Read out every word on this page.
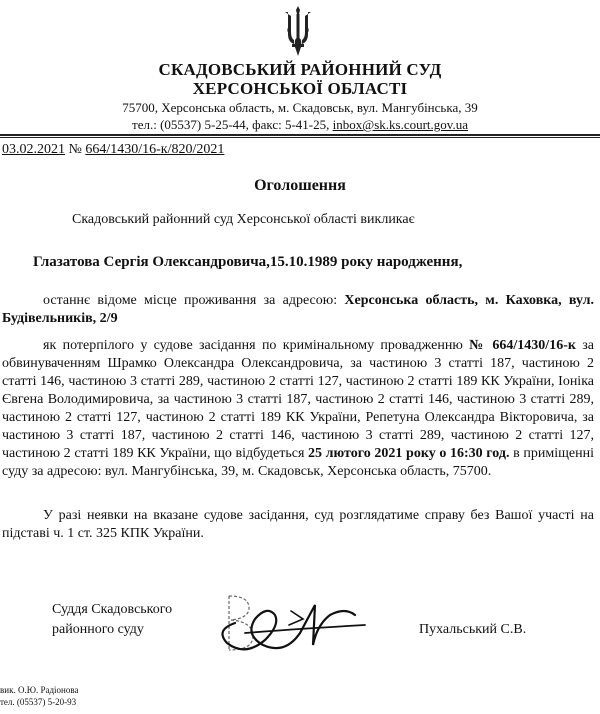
СКАДОВСЬКИЙ РАЙОННИЙ СУД
ХЕРСОНСЬКОЇ ОБЛАСТІ
75700, Херсонська область, м. Скадовськ, вул. Мангубінська, 39
тел.: (05537) 5-25-44, факс: 5-41-25, inbox@sk.ks.court.gov.ua
03.02.2021 № 664/1430/16-к/820/2021
Оголошення
Скадовський районний суд Херсонської області викликає
Глазатова Сергія Олександровича,15.10.1989 року народження,
останнє відоме місце проживання за адресою: Херсонська область, м. Каховка, вул. Будівельників, 2/9
як потерпілого у судове засідання по кримінальному провадженню № 664/1430/16-к за обвинуваченням Шрамко Олександра Олександровича, за частиною 3 статті 187, частиною 2 статті 146, частиною 3 статті 289, частиною 2 статті 127, частиною 2 статті 189 КК України, Іоніка Євгена Володимировича, за частиною 3 статті 187, частиною 2 статті 146, частиною 3 статті 289, частиною 2 статті 127, частиною 2 статті 189 КК України, Репетуна Олександра Вікторовича, за частиною 3 статті 187, частиною 2 статті 146, частиною 3 статті 289, частиною 2 статті 127, частиною 2 статті 189 КК України, що відбудеться 25 лютого 2021 року о 16:30 год. в приміщенні суду за адресою: вул. Мангубінська, 39, м. Скадовськ, Херсонська область, 75700.
У разі неявки на вказане судове засідання, суд розглядатиме справу без Вашої участі на підставі ч. 1 ст. 325 КПК України.
Суддя Скадовського
районного суду	Пухальський С.В.
вик. О.Ю. Радіонова
тел. (05537) 5-20-93
